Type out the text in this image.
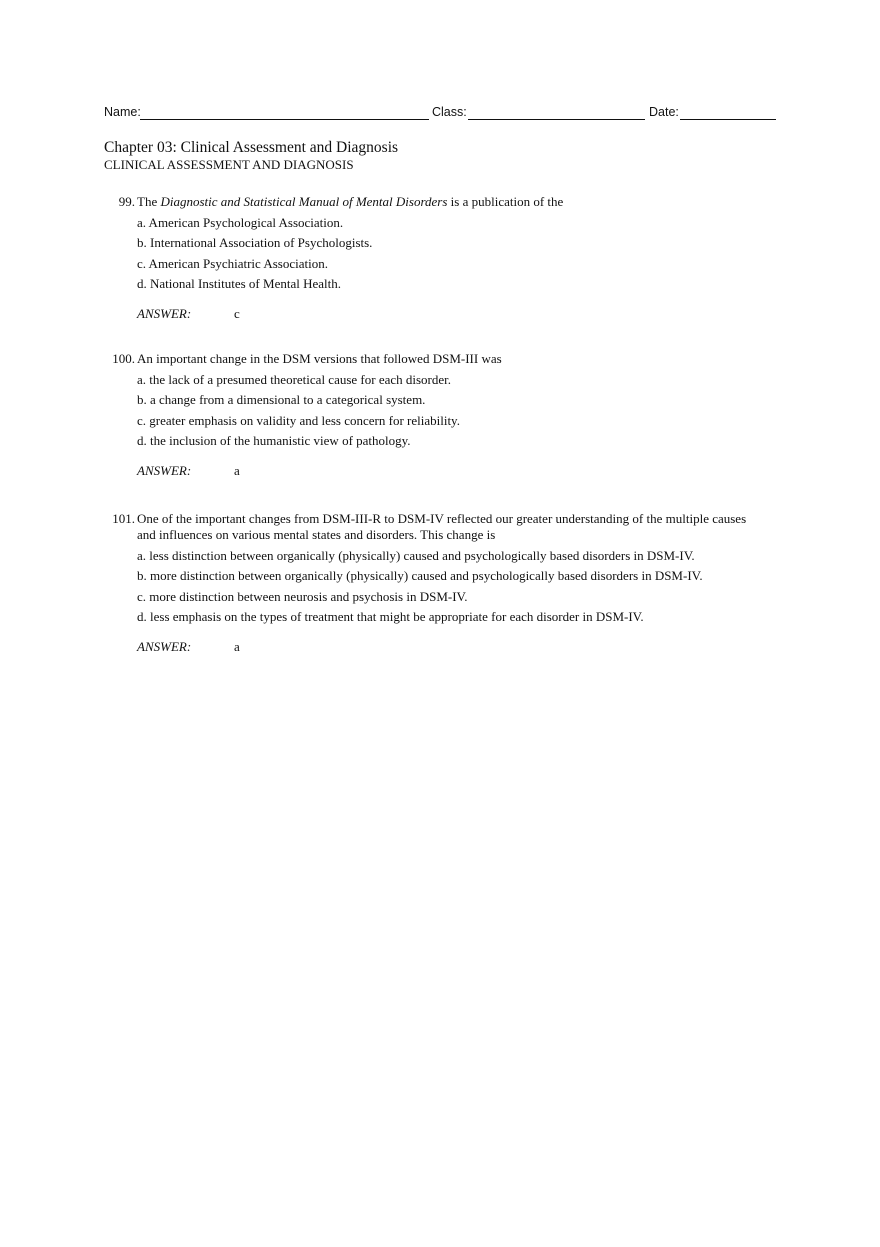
Name:	Class:	Date:
Chapter 03: Clinical Assessment and Diagnosis
CLINICAL ASSESSMENT AND DIAGNOSIS
99. The Diagnostic and Statistical Manual of Mental Disorders is a publication of the
a. American Psychological Association.
b. International Association of Psychologists.
c. American Psychiatric Association.
d. National Institutes of Mental Health.
ANSWER:	c
100. An important change in the DSM versions that followed DSM-III was
a. the lack of a presumed theoretical cause for each disorder.
b. a change from a dimensional to a categorical system.
c. greater emphasis on validity and less concern for reliability.
d. the inclusion of the humanistic view of pathology.
ANSWER:	a
101. One of the important changes from DSM-III-R to DSM-IV reflected our greater understanding of the multiple causes and influences on various mental states and disorders. This change is
a. less distinction between organically (physically) caused and psychologically based disorders in DSM-IV.
b. more distinction between organically (physically) caused and psychologically based disorders in DSM-IV.
c. more distinction between neurosis and psychosis in DSM-IV.
d. less emphasis on the types of treatment that might be appropriate for each disorder in DSM-IV.
ANSWER:	a
